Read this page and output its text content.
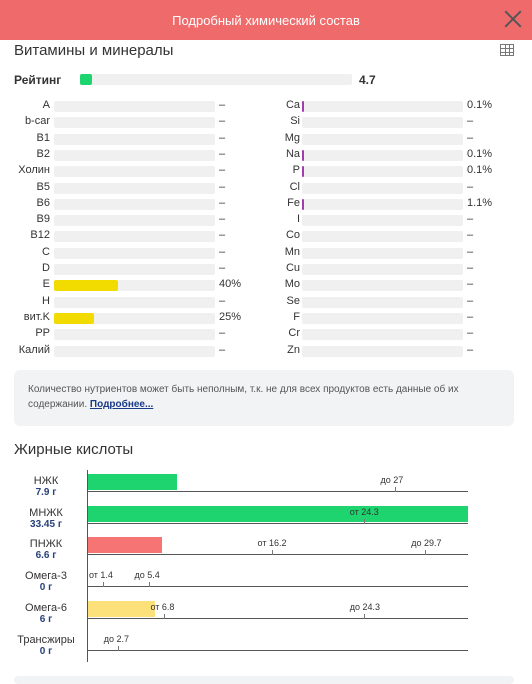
Подробный химический состав
Витамины и минералы
Рейтинг	4.7
A	–
b-car	–
B1	–
B2	–
Холин	–
B5	–
B6	–
B9	–
B12	–
C	–
D	–
E	40%
H	–
вит.K	25%
PP	–
Калий	–
Ca	0.1%
Si	–
Mg	–
Na	0.1%
P	0.1%
Cl	–
Fe	1.1%
I	–
Co	–
Mn	–
Cu	–
Mo	–
Se	–
F	–
Cr	–
Zn	–
Количество нутриентов может быть неполным, т.к. не для всех продуктов есть данные об их содержании. Подробнее...
Жирные кислоты
НЖК
7.9 г
до 27
МНЖК
33.45 г
от 24.3
ПНЖК
6.6 г
от 16.2	до 29.7
Омега-3
0 г
от 1.4 до 5.4
Омега-6
6 г
от 6.8	до 24.3
Трансжиры
0 г
до 2.7
